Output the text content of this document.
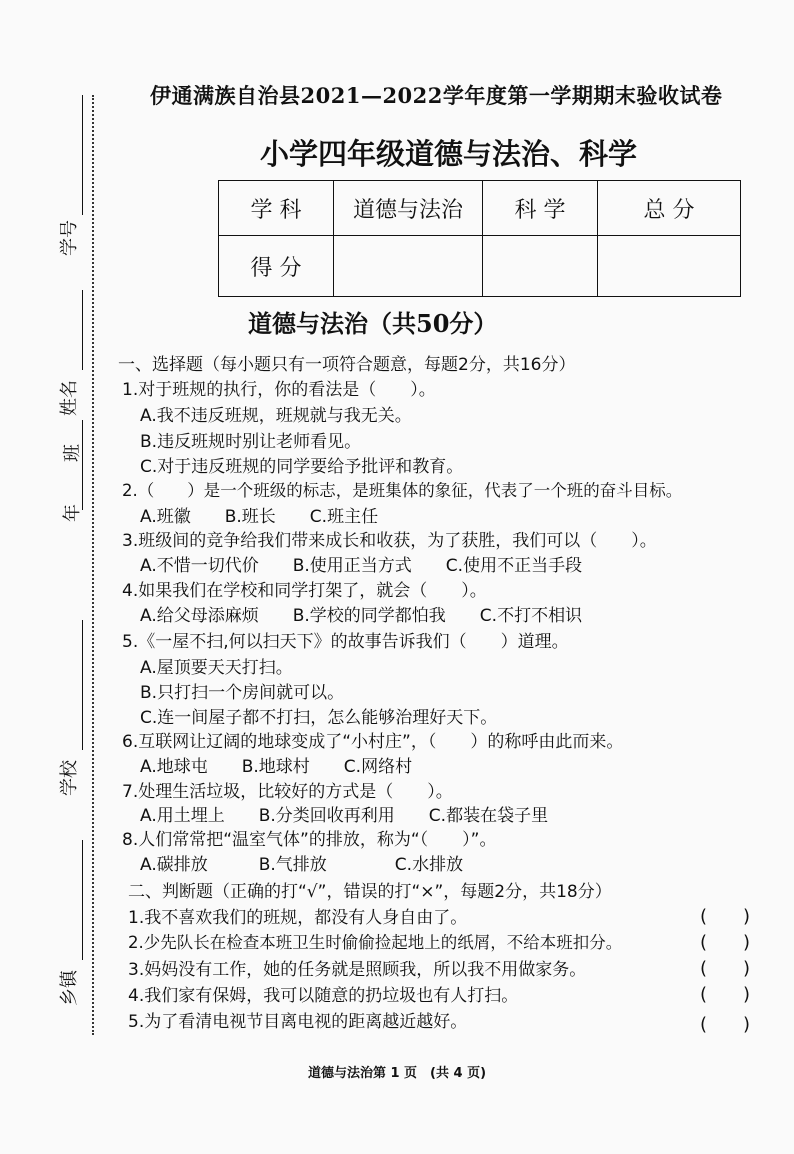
学号
姓名
班
年
学校
乡镇
伊通满族自治县2021—2022学年度第一学期期末验收试卷
小学四年级道德与法治、科学
学 科	道德与法治	科 学	总 分
得 分			
道德与法治（共50分）
一、选择题（每小题只有一项符合题意，每题2分，共16分）
1.对于班规的执行，你的看法是（　　）。
A.我不违反班规，班规就与我无关。
B.违反班规时别让老师看见。
C.对于违反班规的同学要给予批评和教育。
2.（　　）是一个班级的标志，是班集体的象征，代表了一个班的奋斗目标。
A.班徽　　B.班长　　C.班主任
3.班级间的竞争给我们带来成长和收获，为了获胜，我们可以（　　）。
A.不惜一切代价　　B.使用正当方式　　C.使用不正当手段
4.如果我们在学校和同学打架了，就会（　　）。
A.给父母添麻烦　　B.学校的同学都怕我　　C.不打不相识
5.《一屋不扫,何以扫天下》的故事告诉我们（　　）道理。
A.屋顶要天天打扫。
B.只打扫一个房间就可以。
C.连一间屋子都不打扫，怎么能够治理好天下。
6.互联网让辽阔的地球变成了“小村庄”，（　　）的称呼由此而来。
A.地球屯　　B.地球村　　C.网络村
7.处理生活垃圾，比较好的方式是（　　）。
A.用土埋上　　B.分类回收再利用　　C.都装在袋子里
8.人们常常把“温室气体”的排放，称为“（　　）”。
A.碳排放　　　B.气排放　　　　C.水排放
二、判断题（正确的打“√”，错误的打“×”，每题2分，共18分）
1.我不喜欢我们的班规，都没有人身自由了。	(　　)
2.少先队长在检查本班卫生时偷偷捡起地上的纸屑，不给本班扣分。	(　　)
3.妈妈没有工作，她的任务就是照顾我，所以我不用做家务。	(　　)
4.我们家有保姆，我可以随意的扔垃圾也有人打扫。	(　　)
5.为了看清电视节目离电视的距离越近越好。	(　　)
道德与法治第 1 页　(共 4 页)
